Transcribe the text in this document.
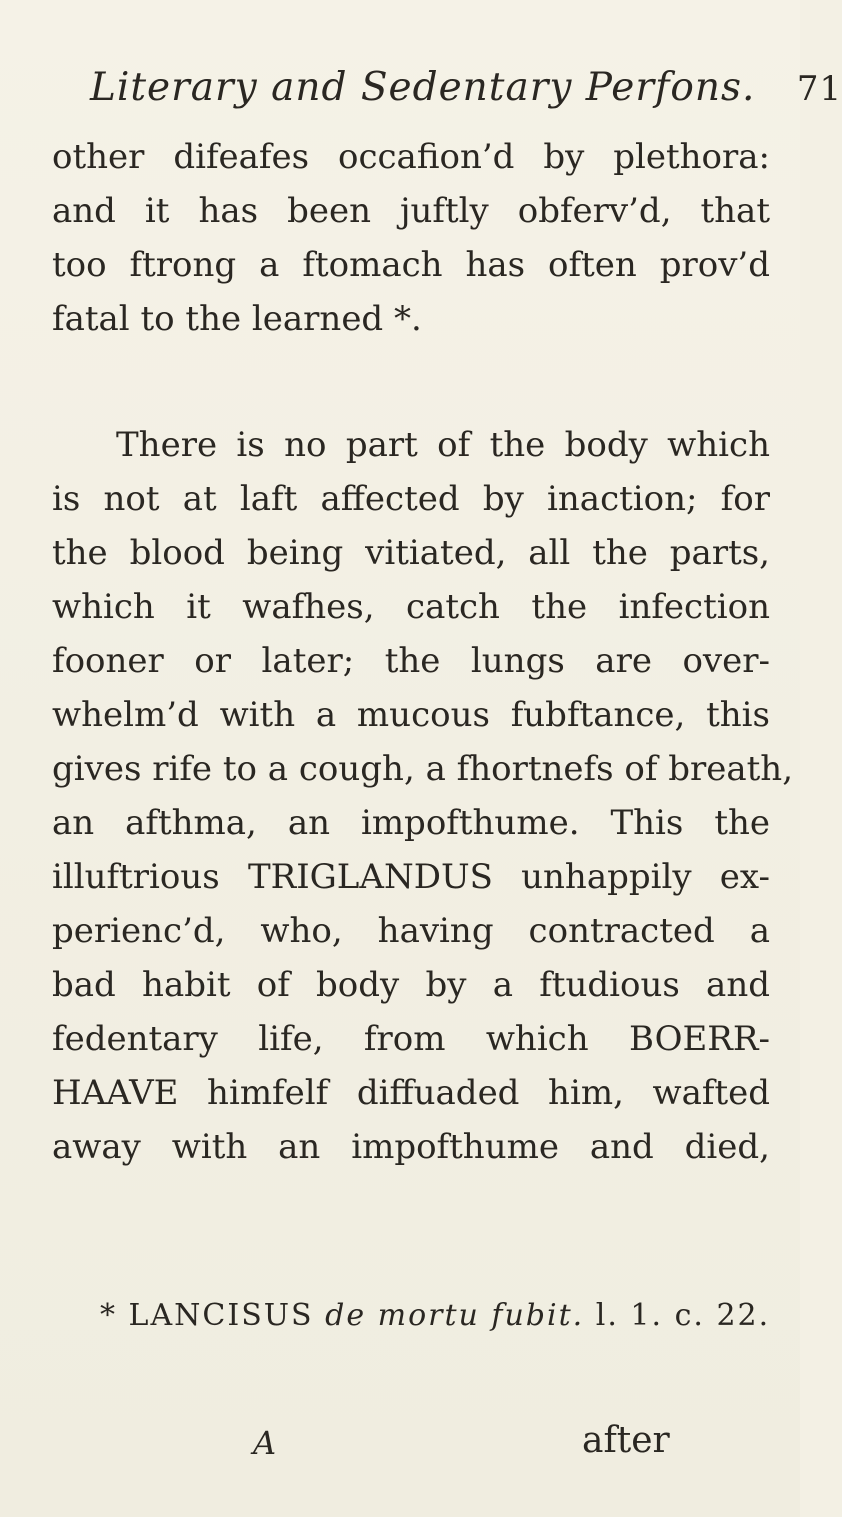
Literary and Sedentary Perfons. 71
other difeafes occafion’d by plethora:
and it has been juftly obferv’d, that
too ftrong a ftomach has often prov’d
fatal to the learned *.
There is no part of the body which
is not at laft affected by inaction; for
the blood being vitiated, all the parts,
which it wafhes, catch the infection
fooner or later; the lungs are over-
whelm’d with a mucous fubftance, this
gives rife to a cough, a fhortnefs of breath,
an afthma, an impofthume. This the
illuftrious TRIGLANDUS unhappily ex-
perienc’d, who, having contracted a
bad habit of body by a ftudious and
fedentary life, from which BOERR-
HAAVE himfelf diffuaded him, wafted
away with an impofthume and died,
* LANCISUS de mortu fubit. l. 1. c. 22.
A	after
